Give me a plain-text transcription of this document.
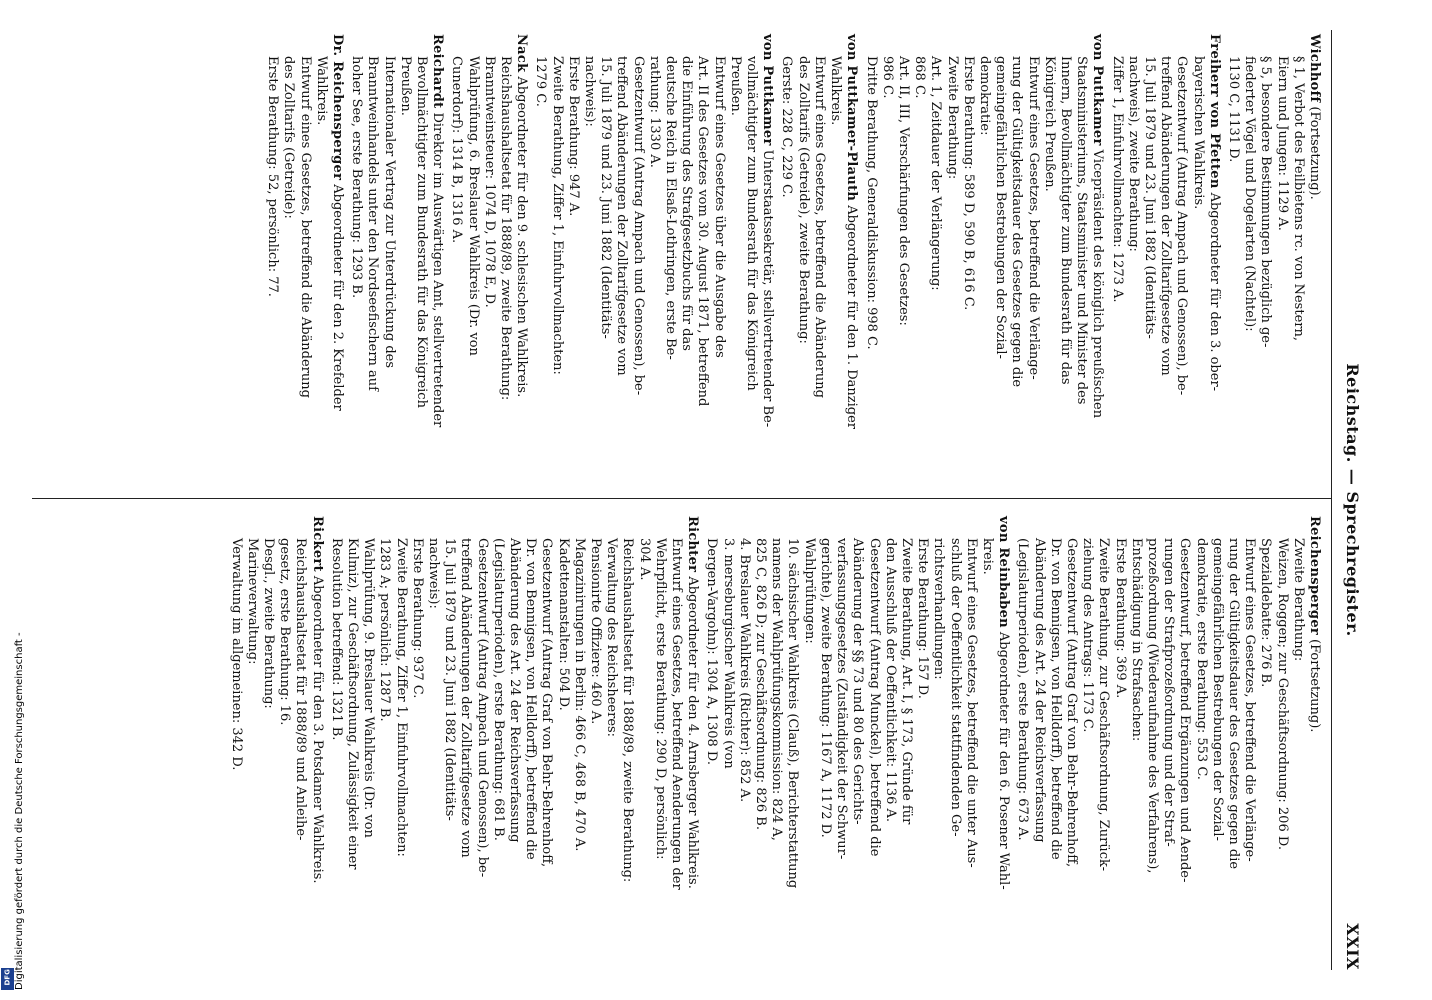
Reichstag. — Sprechregister.
XXIX
Wichhoff(Fortsetzung).
§ 1, Verbot des Feilbietens rc. von Nestern,
Eiern und Jungen: 1129 A.
§ 5, besondere Bestimmungen bezüglich ge-
fiederter Vögel und Dogelarten (Nachtel):
1130 C, 1131 D.
Freiherr von PfettenAbgeordneter für den 3. ober-
bayerischen Wahlkreis.
Gesetzentwurf (Antrag Ampach und Genossen), be-
treffend Abänderungen der Zolltarifgesetze vom
15. Juli 1879 und 23. Juni 1882 (Identitäts-
nachweis), zweite Berathung:
Ziffer 1, Einfuhrvollmachten: 1273 A.
von PuttkamerVicepräsident des königlich preußischen
Staatsministeriums, Staatsminister und Minister des
Innern, Bevollmächtigter zum Bundesrath für das
Königreich Preußen.
Entwurf eines Gesetzes, betreffend die Verlänge-
rung der Gültigkeitsdauer des Gesetzes gegen die
gemeingefährlichen Bestrebungen der Sozial-
demokratie:
Erste Berathung: 589 D, 590 B, 616 C.
Zweite Berathung:
Art. 1, Zeitdauer der Verlängerung:
868 C.
Art. II, III, Verschärfungen des Gesetzes:
986 C.
Dritte Berathung, Generaldiskussion: 998 C.
von Puttkamer-PlauthAbgeordneter für den 1. Danziger
Wahlkreis.
Entwurf eines Gesetzes, betreffend die Abänderung
des Zolltarifs (Getreide), zweite Berathung:
Gerste: 228 C, 229 C.
von PuttkamerUnterstaatssekretär, stellvertretender Be-
vollmächtigter zum Bundesrath für das Königreich
Preußen.
Entwurf eines Gesetzes über die Ausgabe des
Art. II des Gesetzes vom 30. August 1871, betreffend
die Einführung des Strafgesetzbuchs für das
deutsche Reich in Elsaß-Lothringen, erste Be-
rathung: 1330 A.
Gesetzentwurf (Antrag Ampach und Genossen), be-
treffend Abänderungen der Zolltarifgesetze vom
15. Juli 1879 und 23. Juni 1882 (Identitäts-
nachweis):
Erste Berathung: 947 A.
Zweite Berathung, Ziffer 1, Einfuhrvollmachten:
1279 C.
NackAbgeordneter für den 9. schlesischen Wahlkreis.
Reichshaushaltsetat für 1888/89, zweite Berathung:
Branntweinsteuer: 1074 D, 1078 E, D.
Wahlprüfung, 6. Breslauer Wahlkreis (Dr. von
Cunerdorf): 1314 B, 1316 A.
ReichardtDirektor im Auswärtigen Amt, stellvertretender
Bevollmächtigter zum Bundesrath für das Königreich
Preußen.
Internationaler Vertrag zur Unterdrückung des
Branntweinhandels unter den Nordseefischern auf
hoher See, erste Berathung: 1293 B.
Dr. ReichenspergerAbgeordneter für den 2. Krefelder
Wahlkreis.
Entwurf eines Gesetzes, betreffend die Abänderung
des Zolltarifs (Getreide):
Erste Berathung: 52, persönlich: 77.
Reichensperger(Fortsetzung).
Zweite Berathung:
Weizen, Roggen; zur Geschäftsordnung: 206 D.
Spezialdebatte: 276 B.
Entwurf eines Gesetzes, betreffend die Verlänge-
rung der Gültigkeitsdauer des Gesetzes gegen die
gemeingefährlichen Bestrebungen der Sozial-
demokratie, erste Berathung: 553 C.
Gesetzentwurf, betreffend Ergänzungen und Aende-
rungen der Strafprozeßordnung und der Straf-
prozeßordnung (Wiederaufnahme des Verfahrens),
Entschädigung in Strafsachen:
Erste Berathung: 369 A.
Zweite Berathung, zur Geschäftsordnung, Zurück-
ziehung des Antrags: 1173 C.
Gesetzentwurf (Antrag Graf von Behr-Behrenhoff,
Dr. von Bennigsen, von Helldorff), betreffend die
Abänderung des Art. 24 der Reichsverfassung
(Legislaturperioden), erste Berathung: 673 A.
von ReinbabenAbgeordneter für den 6. Posener Wahl-
kreis.
Entwurf eines Gesetzes, betreffend die unter Aus-
schluß der Oeffentlichkeit stattfindenden Ge-
richtsverhandlungen:
Erste Berathung: 157 D.
Zweite Berathung, Art. I, § 173, Gründe für
den Ausschluß der Oeffentlichkeit: 1136 A.
Gesetzentwurf (Antrag Munckel), betreffend die
Abänderung der §§ 73 und 80 des Gerichts-
verfassungsgesetzes (Zuständigkeit der Schwur-
gerichte), zweite Berathung: 1167 A, 1172 D.
Wahlprüfungen:
10. sächsischer Wahlkreis (Clauß), Berichterstattung
namens der Wahlprüfungskommission: 824 A,
825 C, 826 D; zur Geschäftsordnung: 826 B.
4. Breslauer Wahlkreis (Richter): 852 A.
3. merseburgischer Wahlkreis (von
Dergen-Vargohn): 1304 A, 1308 D.
RichterAbgeordneter für den 4. Arnsberger Wahlkreis.
Entwurf eines Gesetzes, betreffend Aenderungen der
Wehrpflicht, erste Berathung: 290 D, persönlich:
304 A.
Reichshaushaltsetat für 1888/89, zweite Berathung:
Verwaltung des Reichsheeres:
Pensionirte Offiziere: 460 A.
Magazinirungen in Berlin: 466 C, 468 B, 470 A.
Kadettenanstalten: 504 D.
Gesetzentwurf (Antrag Graf von Behr-Behrenhoff,
Dr. von Bennigsen, von Helldorff), betreffend die
Abänderung des Art. 24 der Reichsverfassung
(Legislaturperioden), erste Berathung: 681 B.
Gesetzentwurf (Antrag Ampach und Genossen), be-
treffend Abänderungen der Zolltarifgesetze vom
15. Juli 1879 und 23. Juni 1882 (Identitäts-
nachweis):
Erste Berathung: 937 C.
Zweite Berathung, Ziffer 1, Einfuhrvollmachten:
1283 A; persönlich: 1287 B.
Wahlprüfung, 9. Breslauer Wahlkreis (Dr. von
Kulmiz), zur Geschäftsordnung, Zulässigkeit einer
Resolution betreffend: 1321 B.
RickertAbgeordneter für den 3. Potsdamer Wahlkreis.
Reichshaushaltsetat für 1888/89 und Anleihe-
gesetz, erste Berathung: 16.
Desgl., zweite Berathung:
Marineverwaltung:
Verwaltung im allgemeinen: 342 D.
Digitalisierung gefördert durch die Deutsche Forschungsgemeinschaft -
DFG
